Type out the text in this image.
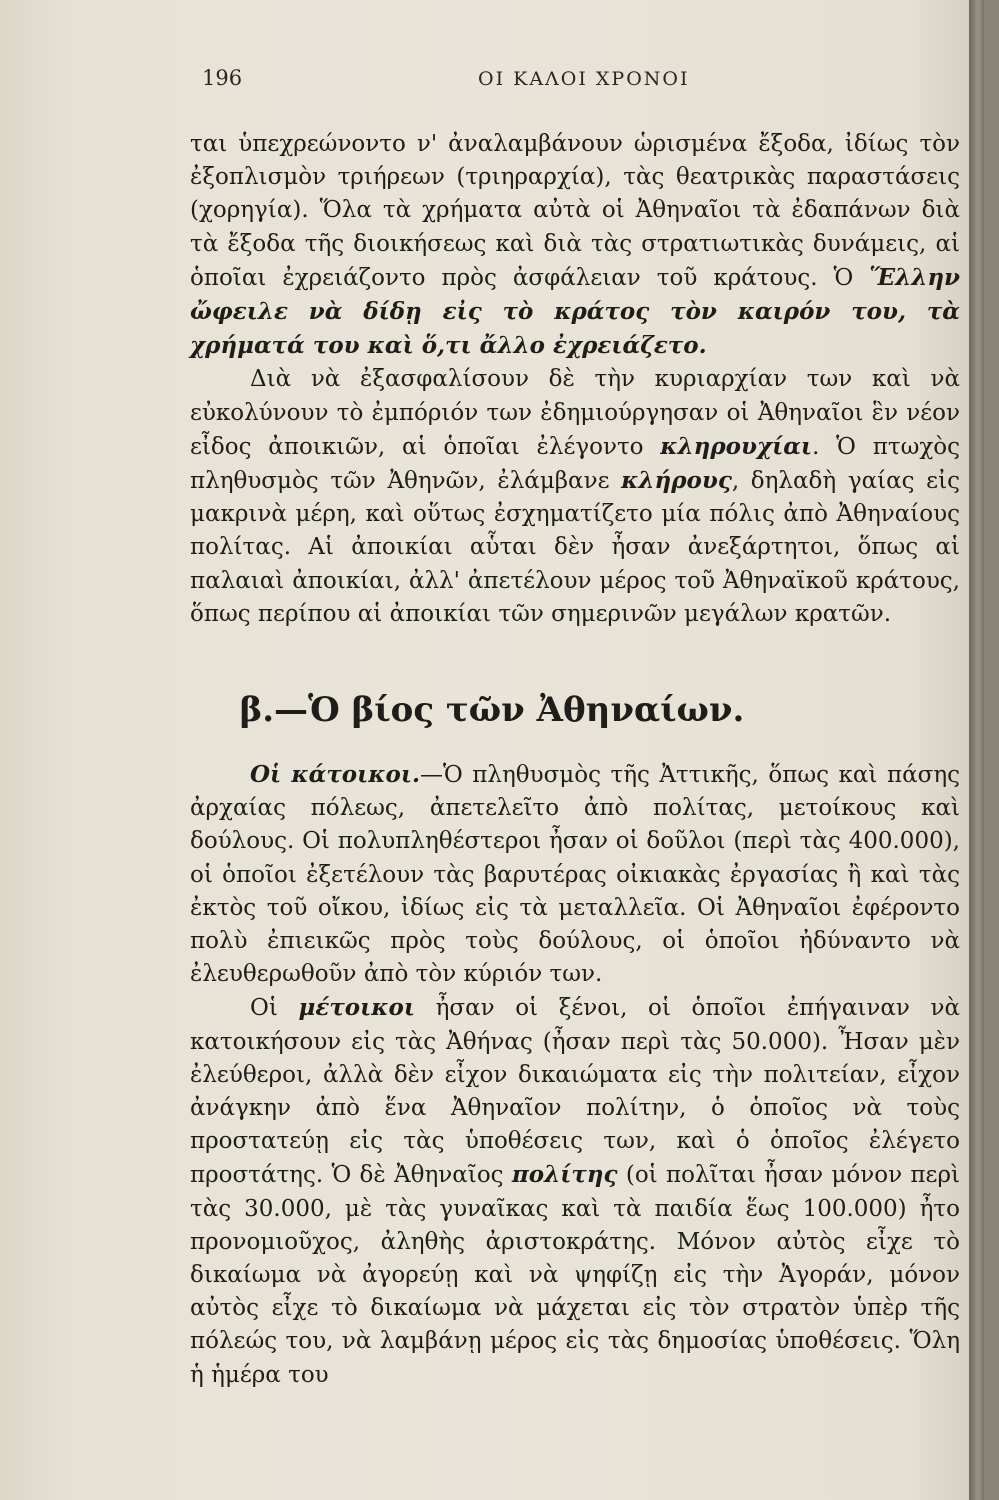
196	ΟΙ ΚΑΛΟΙ ΧΡΟΝΟΙ

ται ὑπεχρεώνοντο ν' ἀναλαμβάνουν ὡρισμένα ἔξοδα, ἰδίως τὸν ἐξοπλισμὸν τριήρεων (τριηραρχία), τὰς θεατρικὰς παραστάσεις (χορηγία). Ὅλα τὰ χρήματα αὐτὰ οἱ Ἀθηναῖοι τὰ ἐδαπάνων διὰ τὰ ἔξοδα τῆς διοικήσεως καὶ διὰ τὰς στρατιωτικὰς δυνάμεις, αἱ ὁποῖαι ἐχρειάζοντο πρὸς ἀσφάλειαν τοῦ κράτους. Ὁ Ἕλλην ὤφειλε νὰ δίδῃ εἰς τὸ κράτος τὸν καιρόν του, τὰ χρήματά του καὶ ὅ,τι ἄλλο ἐχρειάζετο.

Διὰ νὰ ἐξασφαλίσουν δὲ τὴν κυριαρχίαν των καὶ νὰ εὐκολύνουν τὸ ἐμπόριόν των ἐδημιούργησαν οἱ Ἀθηναῖοι ἓν νέον εἶδος ἀποικιῶν, αἱ ὁποῖαι ἐλέγοντο κληρουχίαι. Ὁ πτωχὸς πληθυσμὸς τῶν Ἀθηνῶν, ἐλάμβανε κλήρους, δηλαδὴ γαίας εἰς μακρινὰ μέρη, καὶ οὕτως ἐσχηματίζετο μία πόλις ἀπὸ Ἀθηναίους πολίτας. Αἱ ἀποικίαι αὗται δὲν ἦσαν ἀνεξάρτητοι, ὅπως αἱ παλαιαὶ ἀποικίαι, ἀλλ' ἀπετέλουν μέρος τοῦ Ἀθηναϊκοῦ κράτους, ὅπως περίπου αἱ ἀποικίαι τῶν σημερινῶν μεγάλων κρατῶν.

β.—Ὁ βίος τῶν Ἀθηναίων.

Οἱ κάτοικοι.—Ὁ πληθυσμὸς τῆς Ἀττικῆς, ὅπως καὶ πάσης ἀρχαίας πόλεως, ἀπετελεῖτο ἀπὸ πολίτας, μετοίκους καὶ δούλους. Οἱ πολυπληθέστεροι ἦσαν οἱ δοῦλοι (περὶ τὰς 400.000), οἱ ὁποῖοι ἐξετέλουν τὰς βαρυτέρας οἰκιακὰς ἐργασίας ἢ καὶ τὰς ἐκτὸς τοῦ οἴκου, ἰδίως εἰς τὰ μεταλλεῖα. Οἱ Ἀθηναῖοι ἐφέροντο πολὺ ἐπιεικῶς πρὸς τοὺς δούλους, οἱ ὁποῖοι ἠδύναντο νὰ ἐλευθερωθοῦν ἀπὸ τὸν κύριόν των.

Οἱ μέτοικοι ἦσαν οἱ ξένοι, οἱ ὁποῖοι ἐπήγαιναν νὰ κατοικήσουν εἰς τὰς Ἀθήνας (ἦσαν περὶ τὰς 50.000). Ἦσαν μὲν ἐλεύθεροι, ἀλλὰ δὲν εἶχον δικαιώματα εἰς τὴν πολιτείαν, εἶχον ἀνάγκην ἀπὸ ἕνα Ἀθηναῖον πολίτην, ὁ ὁποῖος νὰ τοὺς προστατεύῃ εἰς τὰς ὑποθέσεις των, καὶ ὁ ὁποῖος ἐλέγετο προστάτης. Ὁ δὲ Ἀθηναῖος πολίτης (οἱ πολῖται ἦσαν μόνον περὶ τὰς 30.000, μὲ τὰς γυναῖκας καὶ τὰ παιδία ἕως 100.000) ἦτο προνομιοῦχος, ἀληθὴς ἀριστοκράτης. Μόνον αὐτὸς εἶχε τὸ δικαίωμα νὰ ἀγορεύῃ καὶ νὰ ψηφίζῃ εἰς τὴν Ἀγοράν, μόνον αὐτὸς εἶχε τὸ δικαίωμα νὰ μάχεται εἰς τὸν στρατὸν ὑπὲρ τῆς πόλεώς του, νὰ λαμβάνῃ μέρος εἰς τὰς δημοσίας ὑποθέσεις. Ὅλη ἡ ἡμέρα του
